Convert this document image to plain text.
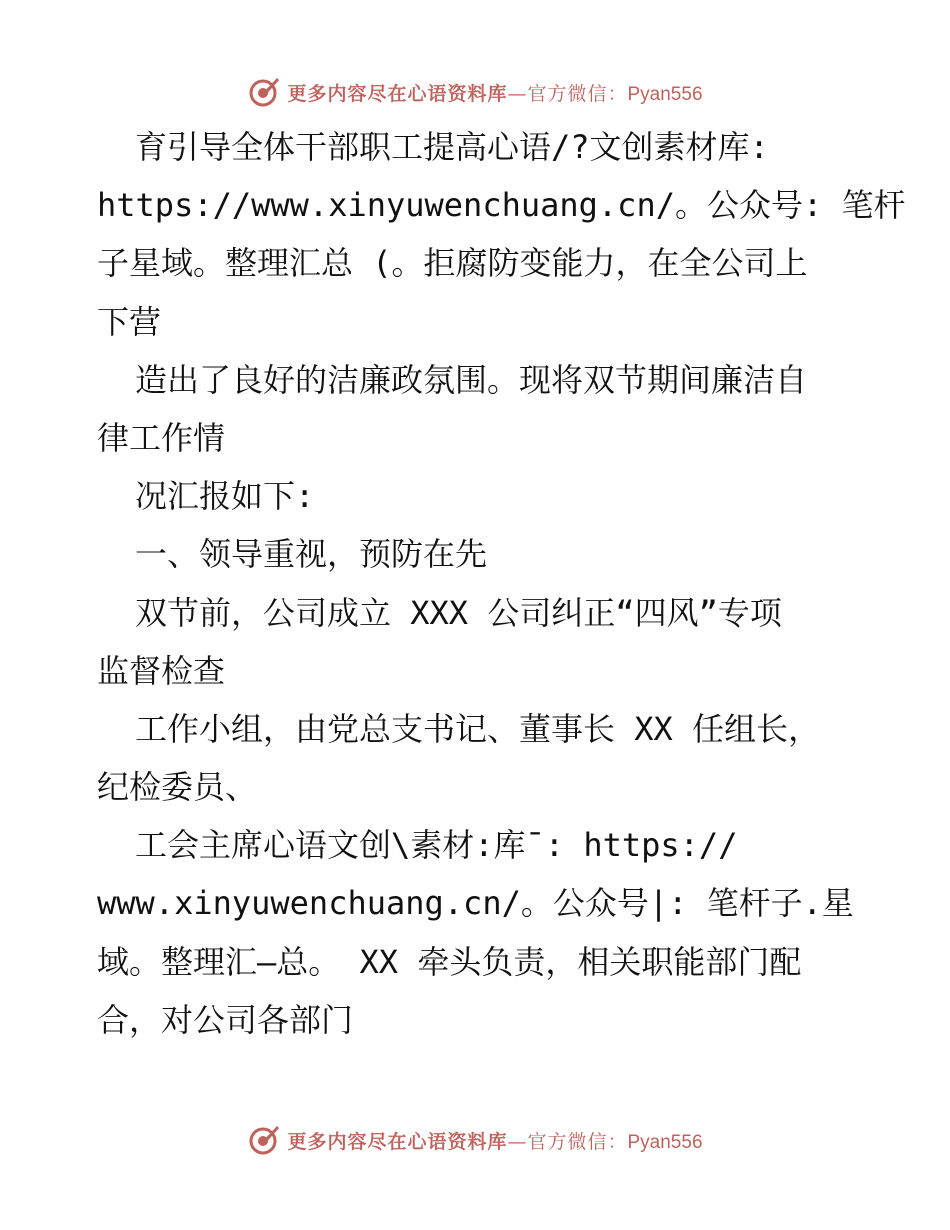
更多内容尽在心语资料库—官方微信：Pyan556
育引导全体干部职工提高心语/?文创素材库:
https://www.xinyuwenchuang.cn/。公众号: 笔杆
子星域。整理汇总 (。拒腐防变能力，在全公司上
下营
造出了良好的洁廉政氛围。现将双节期间廉洁自
律工作情
况汇报如下:
一、领导重视，预防在先
双节前，公司成立 XXX 公司纠正“四风”专项
监督检查
工作小组，由党总支书记、董事长 XX 任组长，
纪检委员、
工会主席心语文创\素材:库¯: https://
www.xinyuwenchuang.cn/。公众号|: 笔杆子.星
域。整理汇—总。 XX 牵头负责，相关职能部门配
合，对公司各部门
更多内容尽在心语资料库—官方微信：Pyan556
